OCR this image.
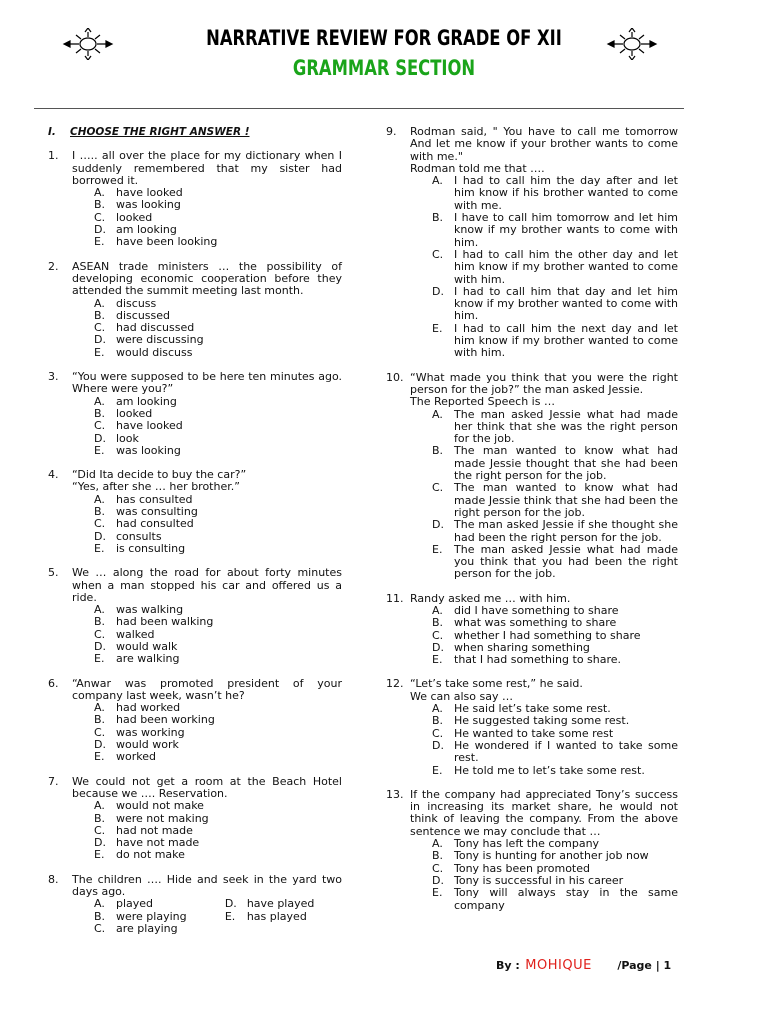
NARRATIVE REVIEW FOR GRADE OF XII
GRAMMAR SECTION
I. CHOOSE THE RIGHT ANSWER !
1. I ….. all over the place for my dictionary when I suddenly remembered that my sister had borrowed it.

A. have looked
B. was looking
C. looked
D. am looking
E. have been looking
2. ASEAN trade ministers … the possibility of developing economic cooperation before they attended the summit meeting last month.

A. discuss
B. discussed
C. had discussed
D. were discussing
E. would discuss
3. “You were supposed to be here ten minutes ago. Where were you?”

A. am looking
B. looked
C. have looked
D. look
E. was looking
4. “Did Ita decide to buy the car?”

“Yes, after she … her brother.”

A. has consulted
B. was consulting
C. had consulted
D. consults
E. is consulting
5. We … along the road for about forty minutes when a man stopped his car and offered us a ride.

A. was walking
B. had been walking
C. walked
D. would walk
E. are walking
6. “Anwar was promoted president of your company last week, wasn’t he?

A. had worked
B. had been working
C. was working
D. would work
E. worked
7. We could not get a room at the Beach Hotel because we …. Reservation.

A. would not make
B. were not making
C. had not made
D. have not made
E. do not make
8. The children …. Hide and seek in the yard two days ago.

A. played	D. have played
B. were playing	E. has played
C. are playing
9. Rodman said, " You have to call me tomorrow And let me know if your brother wants to come with me."

Rodman told me that ….

A. I had to call him the day after and let him know if his brother wanted to come with me.
B. I have to call him tomorrow and let him know if my brother wants to come with him.
C. I had to call him the other day and let him know if my brother wanted to come with him.
D. I had to call him that day and let him know if my brother wanted to come with him.
E. I had to call him the next day and let him know if my brother wanted to come with him.
10. “What made you think that you were the right person for the job?” the man asked Jessie.

The Reported Speech is …

A. The man asked Jessie what had made her think that she was the right person for the job.
B. The man wanted to know what had made Jessie thought that she had been the right person for the job.
C. The man wanted to know what had made Jessie think that she had been the right person for the job.
D. The man asked Jessie if she thought she had been the right person for the job.
E. The man asked Jessie what had made you think that you had been the right person for the job.
11. Randy asked me … with him.

A. did I have something to share
B. what was something to share
C. whether I had something to share
D. when sharing something
E. that I had something to share.
12. “Let’s take some rest,” he said.

We can also say …

A. He said let’s take some rest.
B. He suggested taking some rest.
C. He wanted to take some rest
D. He wondered if I wanted to take some rest.
E. He told me to let’s take some rest.
13. If the company had appreciated Tony’s success in increasing its market share, he would not think of leaving the company. From the above sentence we may conclude that …

A. Tony has left the company
B. Tony is hunting for another job now
C. Tony has been promoted
D. Tony is successful in his career
E. Tony will always stay in the same company
By : MOHIQUE /Page | 1
